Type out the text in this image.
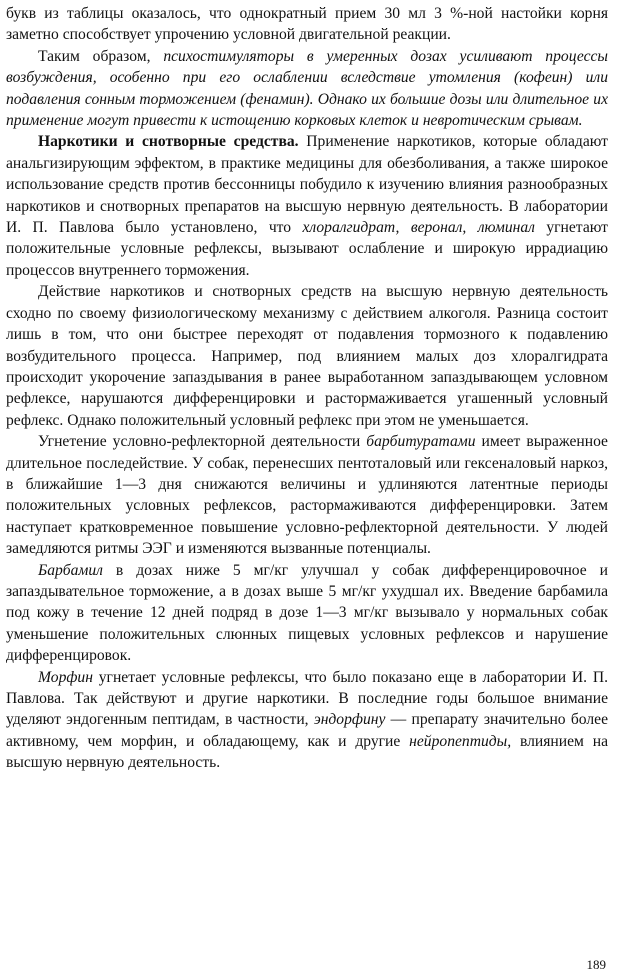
букв из таблицы оказалось, что однократный прием 30 мл 3 %-ной настойки корня заметно способствует упрочению условной двигательной реакции.

Таким образом, психостимуляторы в умеренных дозах усиливают процессы возбуждения, особенно при его ослаблении вследствие утомления (кофеин) или подавления сонным торможением (фенамин). Однако их большие дозы или длительное их применение могут привести к истощению корковых клеток и невротическим срывам.

Наркотики и снотворные средства. Применение наркотиков, которые обладают анальгизирующим эффектом, в практике медицины для обезболивания, а также широкое использование средств против бессонницы побудило к изучению влияния разнообразных наркотиков и снотворных препаратов на высшую нервную деятельность. В лаборатории И. П. Павлова было установлено, что хлоралгидрат, веронал, люминал угнетают положительные условные рефлексы, вызывают ослабление и широкую иррадиацию процессов внутреннего торможения.

Действие наркотиков и снотворных средств на высшую нервную деятельность сходно по своему физиологическому механизму с действием алкоголя. Разница состоит лишь в том, что они быстрее переходят от подавления тормозного к подавлению возбудительного процесса. Например, под влиянием малых доз хлоралгидрата происходит укорочение запаздывания в ранее выработанном запаздывающем условном рефлексе, нарушаются дифференцировки и растормаживается угашенный условный рефлекс. Однако положительный условный рефлекс при этом не уменьшается.

Угнетение условно-рефлекторной деятельности барбитуратами имеет выраженное длительное последействие. У собак, перенесших пентоталовый или гексеналовый наркоз, в ближайшие 1—3 дня снижаются величины и удлиняются латентные периоды положительных условных рефлексов, растормаживаются дифференцировки. Затем наступает кратковременное повышение условно-рефлекторной деятельности. У людей замедляются ритмы ЭЭГ и изменяются вызванные потенциалы.

Барбамил в дозах ниже 5 мг/кг улучшал у собак дифференцировочное и запаздывательное торможение, а в дозах выше 5 мг/кг ухудшал их. Введение барбамила под кожу в течение 12 дней подряд в дозе 1—3 мг/кг вызывало у нормальных собак уменьшение положительных слюнных пищевых условных рефлексов и нарушение дифференцировок.

Морфин угнетает условные рефлексы, что было показано еще в лаборатории И. П. Павлова. Так действуют и другие наркотики. В последние годы большое внимание уделяют эндогенным пептидам, в частности, эндорфину — препарату значительно более активному, чем морфин, и обладающему, как и другие нейропептиды, влиянием на высшую нервную деятельность.

189
